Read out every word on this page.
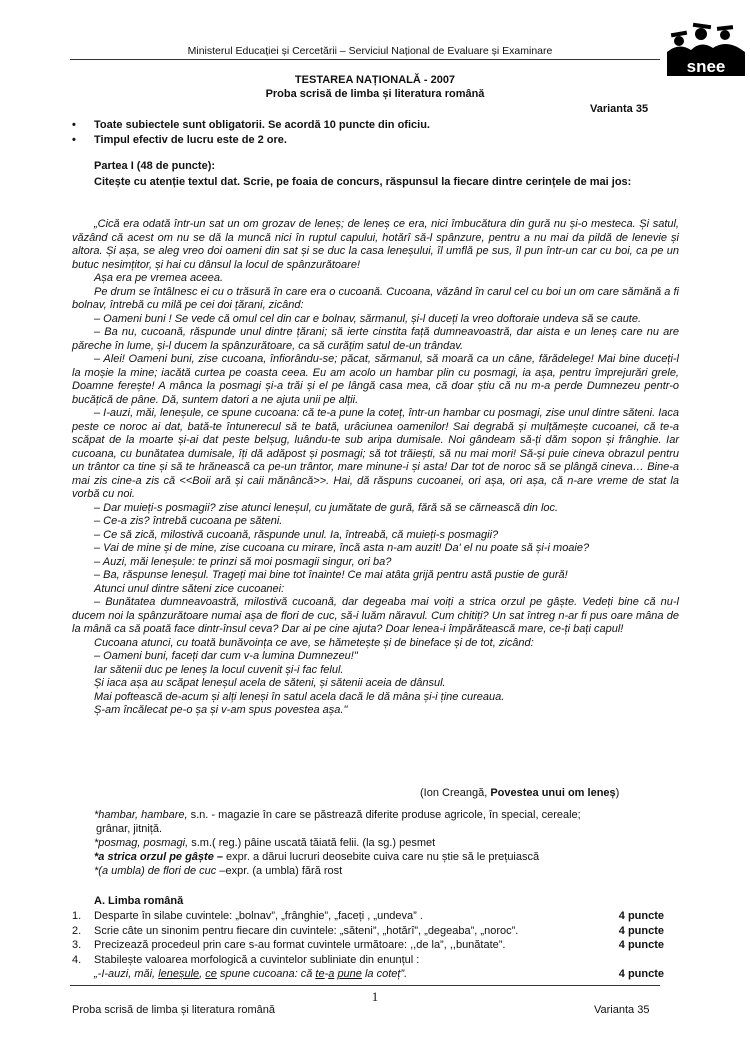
Ministerul Educației și Cercetării – Serviciul Național de Evaluare și Examinare
snee
TESTAREA NAȚIONALĂ - 2007
Proba scrisă de limba și literatura română
Varianta 35
• Toate subiectele sunt obligatorii. Se acordă 10 puncte din oficiu.
• Timpul efectiv de lucru este de 2 ore.
Partea I (48 de puncte):
Citește cu atenție textul dat. Scrie, pe foaia de concurs, răspunsul la fiecare dintre cerințele de mai jos:

„Cică era odată într-un sat un om grozav de leneș; de leneș ce era, nici îmbucătura din gură nu și-o mesteca. Și satul, văzând că acest om nu se dă la muncă nici în ruptul capului, hotărî să-l spânzure, pentru a nu mai da pildă de lenevie și altora. Și așa, se aleg vreo doi oameni din sat și se duc la casa leneșului, îl umflă pe sus, îl pun într-un car cu boi, ca pe un butuc nesimțitor, și hai cu dânsul la locul de spânzurătoare!

Așa era pe vremea aceea.

Pe drum se întâlnesc ei cu o trăsură în care era o cucoană. Cucoana, văzând în carul cel cu boi un om care sămănă a fi bolnav, întrebă cu milă pe cei doi țărani, zicând:

– Oameni buni ! Se vede că omul cel din car e bolnav, sărmanul, și-l duceți la vreo doftoraie undeva să se caute.

– Ba nu, cucoană, răspunde unul dintre țărani; să ierte cinstita față dumneavoastră, dar aista e un leneș care nu are păreche în lume, și-l ducem la spânzurătoare, ca să curățim satul de-un trândav.

– Alei! Oameni buni, zise cucoana, înfiorându-se; păcat, sărmanul, să moară ca un câne, fărădelege! Mai bine duceți-l la moșie la mine; iacătă curtea pe coasta ceea. Eu am acolo un hambar plin cu posmagi, ia așa, pentru împrejurări grele, Doamne ferește! A mânca la posmagi și-a trăi și el pe lângă casa mea, că doar știu că nu m-a perde Dumnezeu pentr-o bucățică de pâne. Dă, suntem datori a ne ajuta unii pe alții.

– I-auzi, măi, leneșule, ce spune cucoana: că te-a pune la coteț, într-un hambar cu posmagi, zise unul dintre săteni. Iaca peste ce noroc ai dat, bată-te întunerecul să te bată, urâciunea oamenilor! Sai degrabă și mulțămește cucoanei, că te-a scăpat de la moarte și-ai dat peste belșug, luându-te sub aripa dumisale. Noi gândeam să-ți dăm sopon și frânghie. Iar cucoana, cu bunătatea dumisale, îți dă adăpost și posmagi; să tot trăiești, să nu mai mori! Să-și puie cineva obrazul pentru un trântor ca tine și să te hrănească ca pe-un trântor, mare minune-i și asta! Dar tot de noroc să se plângă cineva… Bine-a mai zis cine-a zis că <<Boii ară și caii mănâncă>>. Hai, dă răspuns cucoanei, ori așa, ori așa, că n-are vreme de stat la vorbă cu noi.

– Dar muieți-s posmagii? zise atunci leneșul, cu jumătate de gură, fără să se cărnească din loc.

– Ce-a zis? întrebă cucoana pe săteni.

– Ce să zică, milostivă cucoană, răspunde unul. Ia, întreabă, că muieți-s posmagii?

– Vai de mine și de mine, zise cucoana cu mirare, încă asta n-am auzit! Da' el nu poate să și-i moaie?

– Auzi, măi leneșule: te prinzi să moi posmagii singur, ori ba?

– Ba, răspunse leneșul. Trageți mai bine tot înainte! Ce mai atâta grijă pentru astă pustie de gură!

Atunci unul dintre săteni zice cucoanei:

– Bunătatea dumneavoastră, milostivă cucoană, dar degeaba mai voiți a strica orzul pe gâște. Vedeți bine că nu-l ducem noi la spânzurătoare numai așa de flori de cuc, să-i luăm năravul. Cum chitiți? Un sat întreg n-ar fi pus oare mâna de la mână ca să poată face dintr-însul ceva? Dar ai pe cine ajuta? Doar lenea-i împărătească mare, ce-ți bați capul!

Cucoana atunci, cu toată bunăvoința ce ave, se hămetește și de bineface și de tot, zicând:

– Oameni buni, faceți dar cum v-a lumina Dumnezeu!"

Iar sătenii duc pe leneș la locul cuvenit și-i fac felul.

Și iaca așa au scăpat leneșul acela de săteni, și sătenii aceia de dânsul.

Mai poftească de-acum și alți leneși în satul acela dacă le dă mâna și-i ține cureaua.

Ș-am încălecat pe-o șa și v-am spus povestea așa."

(Ion Creangă, Povestea unui om leneș)
*hambar, hambare, s.n. - magazie în care se păstrează diferite produse agricole, în special, cereale;
grânar, jitniță.
*posmag, posmagi, s.m.( reg.) pâine uscată tăiată felii. (la sg.) pesmet
*a strica orzul pe gâște – expr. a dărui lucruri deosebite cuiva care nu știe să le prețuiască
*(a umbla) de flori de cuc –expr. (a umbla) fără rost
A. Limba română
1. Desparte în silabe cuvintele: „bolnav”, „frânghie”, „faceți , „undeva” .	4 puncte
2. Scrie câte un sinonim pentru fiecare din cuvintele: „săteni”, „hotărî”, „degeaba”, „noroc”.	4 puncte
3. Precizează procedeul prin care s-au format cuvintele următoare: ,,de la”, ,,bunătate”.	4 puncte
4. Stabilește valoarea morfologică a cuvintelor subliniate din enunțul :
„-I-auzi, măi, leneșule, ce spune cucoana: că te-a pune la coteț”.	4 puncte
1
Proba scrisă de limba și literatura română	Varianta 35
